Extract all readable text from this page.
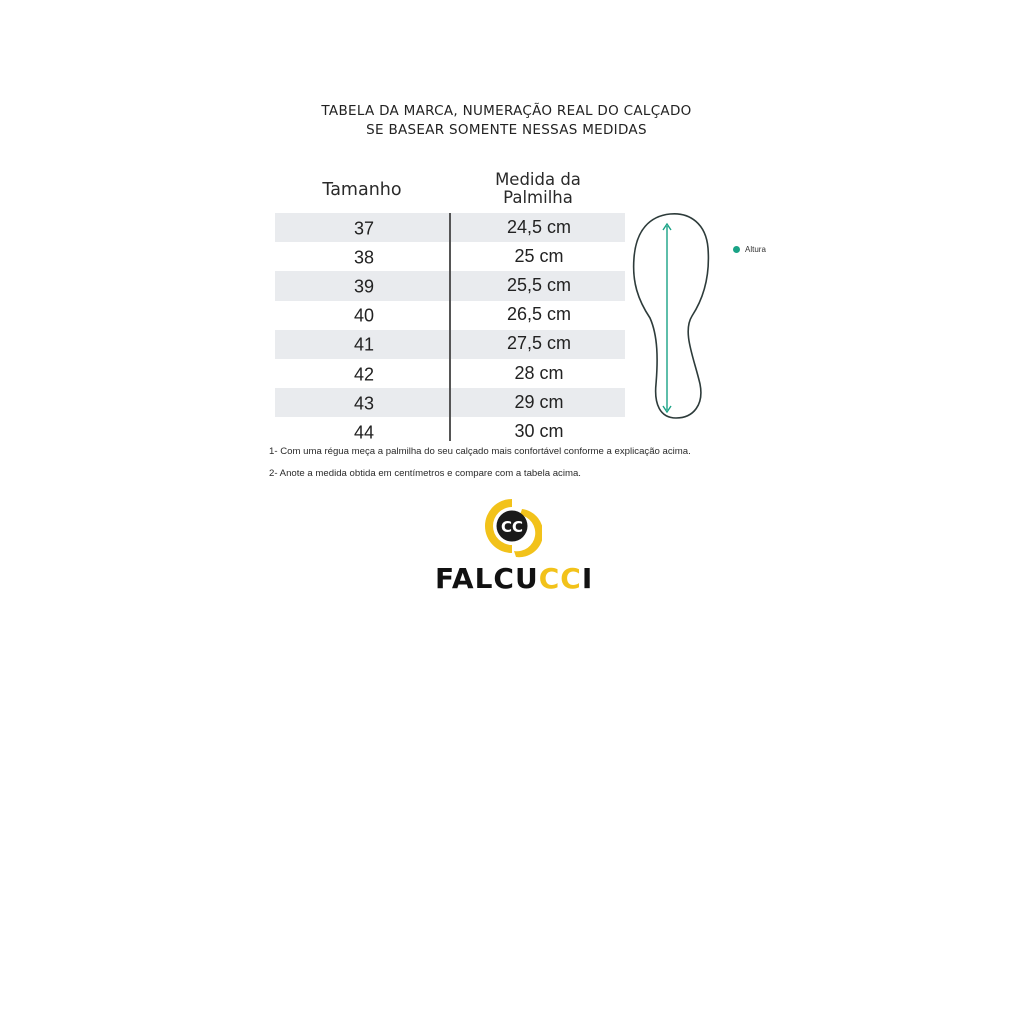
TABELA DA MARCA, NUMERAÇÃO REAL DO CALÇADO
SE BASEAR SOMENTE NESSAS MEDIDAS
Tamanho
Medida da
Palmilha
37	24,5 cm
38	25 cm
39	25,5 cm
40	26,5 cm
41	27,5 cm
42	28 cm
43	29 cm
44	30 cm
Altura
1- Com uma régua meça a palmilha do seu calçado mais confortável conforme a explicação acima.
2- Anote a medida obtida em centímetros e compare com a tabela acima.
CC
FALCU CC I
